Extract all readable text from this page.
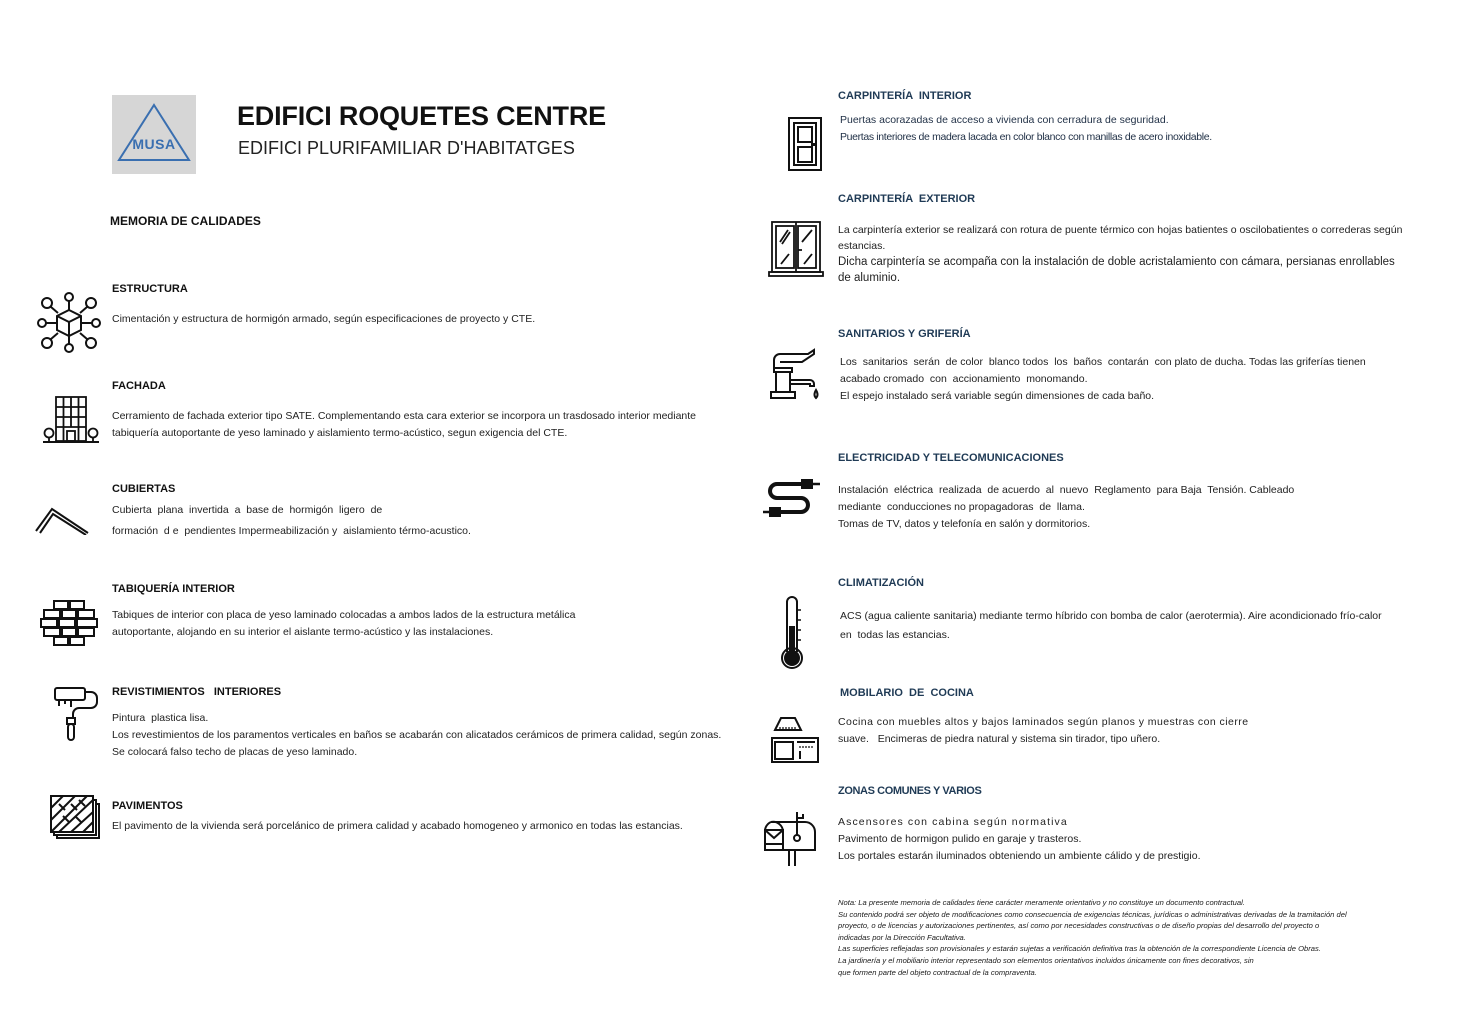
MUSA
EDIFICI ROQUETES CENTRE
EDIFICI PLURIFAMILIAR D'HABITATGES
MEMORIA DE CALIDADES
ESTRUCTURA
Cimentación y estructura de hormigón armado, según especificaciones de proyecto y CTE.
FACHADA
Cerramiento de fachada exterior tipo SATE. Complementando esta cara exterior se incorpora un trasdosado interior mediante
tabiquería autoportante de yeso laminado y aislamiento termo-acústico, segun exigencia del CTE.
CUBIERTAS
Cubierta  plana  invertida  a  base de  hormigón  ligero  de
formación  d e  pendientes Impermeabilización y  aislamiento térmo-acustico.
TABIQUERÍA INTERIOR
Tabiques de interior con placa de yeso laminado colocadas a ambos lados de la estructura metálica
autoportante, alojando en su interior el aislante termo-acústico y las instalaciones.
REVISTIMIENTOS   INTERIORES
Pintura  plastica lisa.
Los revestimientos de los paramentos verticales en baños se acabarán con alicatados cerámicos de primera calidad, según zonas.
Se colocará falso techo de placas de yeso laminado.
PAVIMENTOS
El pavimento de la vivienda será porcelánico de primera calidad y acabado homogeneo y armonico en todas las estancias.
CARPINTERÍA  INTERIOR
Puertas acorazadas de acceso a vivienda con cerradura de seguridad.
Puertas interiores de madera lacada en color blanco con manillas de acero inoxidable.
CARPINTERÍA  EXTERIOR
La carpintería exterior se realizará con rotura de puente térmico con hojas batientes o oscilobatientes o correderas según
estancias.
Dicha carpintería se acompaña con la instalación de doble acristalamiento con cámara, persianas enrollables
de aluminio.
SANITARIOS Y GRIFERÍA
Los  sanitarios  serán  de color  blanco todos  los  baños  contarán  con plato de ducha. Todas las griferías tienen
acabado cromado  con  accionamiento  monomando.
El espejo instalado será variable según dimensiones de cada baño.
ELECTRICIDAD Y TELECOMUNICACIONES
Instalación  eléctrica  realizada  de acuerdo  al  nuevo  Reglamento  para Baja  Tensión. Cableado
mediante  conducciones no propagadoras  de  llama.
Tomas de TV, datos y telefonía en salón y dormitorios.
CLIMATIZACIÓN
ACS (agua caliente sanitaria) mediante termo híbrido con bomba de calor (aerotermia). Aire acondicionado frío-calor
en  todas las estancias.
MOBILARIO  DE  COCINA
Cocina con muebles altos y bajos laminados según planos y muestras con cierre
suave.   Encimeras de piedra natural y sistema sin tirador, tipo uñero.
ZONAS COMUNES Y VARIOS
Ascensores con cabina según normativa
Pavimento de hormigon pulido en garaje y trasteros.
Los portales estarán iluminados obteniendo un ambiente cálido y de prestigio.
Nota: La presente memoria de calidades tiene carácter meramente orientativo y no constituye un documento contractual.
Su contenido podrá ser objeto de modificaciones como consecuencia de exigencias técnicas, jurídicas o administrativas derivadas de la tramitación del
proyecto, o de licencias y autorizaciones pertinentes, así como por necesidades constructivas o de diseño propias del desarrollo del proyecto o
indicadas por la Dirección Facultativa.
Las superficies reflejadas son provisionales y estarán sujetas a verificación definitiva tras la obtención de la correspondiente Licencia de Obras.
La jardinería y el mobiliario interior representado son elementos orientativos incluidos únicamente con fines decorativos, sin
que formen parte del objeto contractual de la compraventa.
